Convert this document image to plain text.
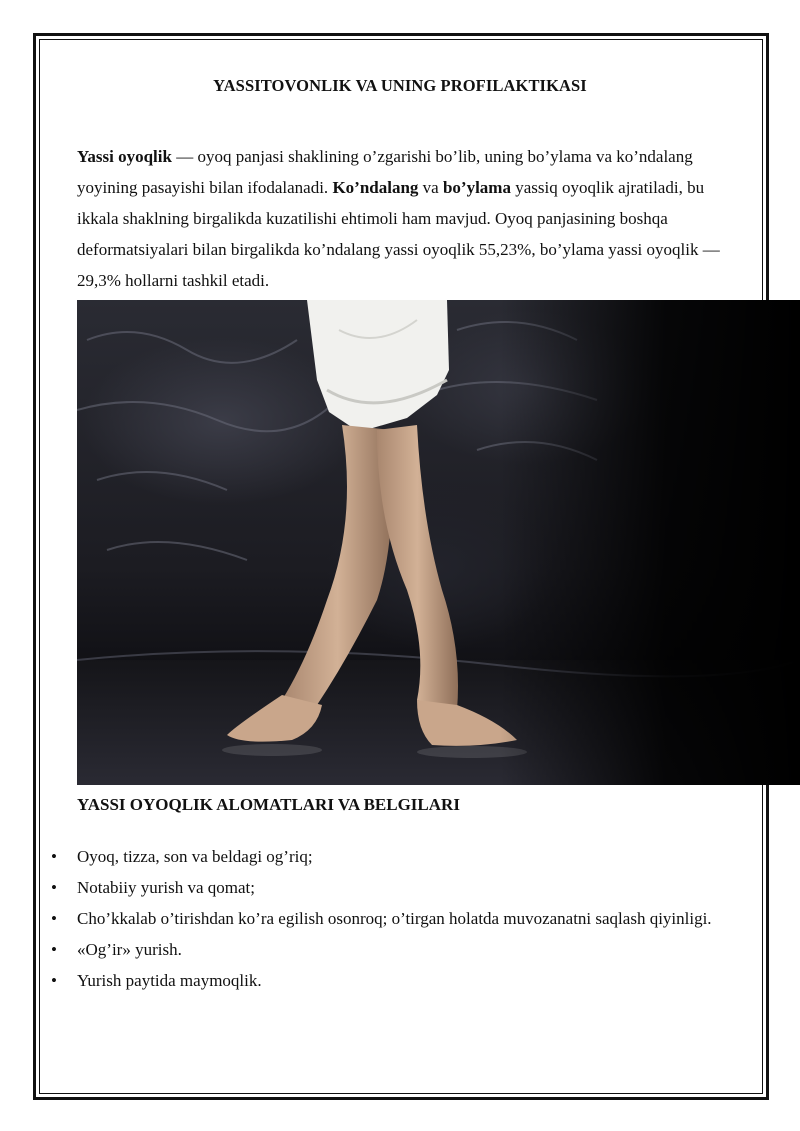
YASSITOVONLIK VA UNING PROFILAKTIKASI

Yassi oyoqlik — oyoq panjasi shaklining o’zgarishi bo’lib, uning bo’ylama va ko’ndalang yoyining pasayishi bilan ifodalanadi. Ko’ndalang va bo’ylama yassiq oyoqlik ajratiladi, bu ikkala shaklning birgalikda kuzatilishi ehtimoli ham mavjud. Oyoq panjasining boshqa deformatsiyalari bilan birgalikda ko’ndalang yassi oyoqlik 55,23%, bo’ylama yassi oyoqlik — 29,3% hollarni tashkil etadi.

YASSI OYOQLIK ALOMATLARI VA BELGILARI
• Oyoq, tizza, son va beldagi og’riq;
• Notabiiy yurish va qomat;
• Cho’kkalab o’tirishdan ko’ra egilish osonroq; o’tirgan holatda muvozanatni saqlash qiyinligi.
• «Og’ir» yurish.
• Yurish paytida maymoqlik.
